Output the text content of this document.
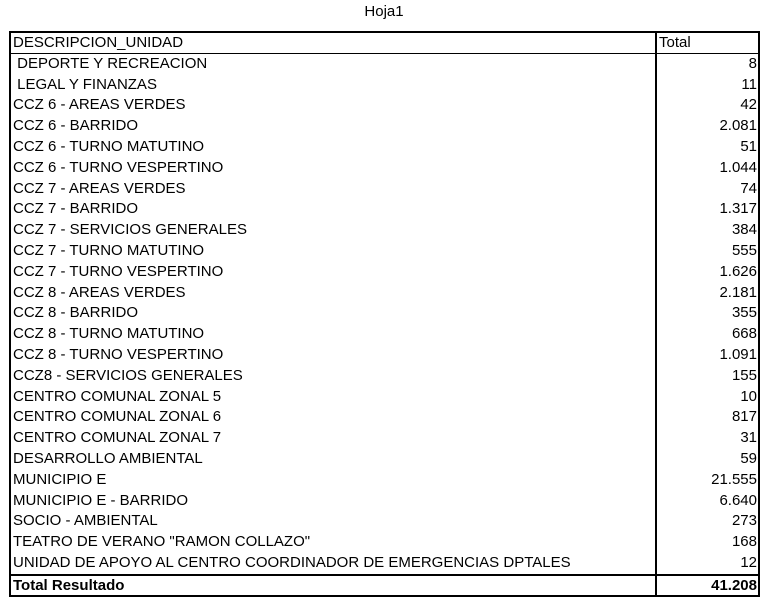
Hoja1
DESCRIPCION_UNIDAD	Total
DEPORTE Y RECREACION	8
LEGAL Y FINANZAS	11
CCZ 6 - AREAS VERDES	42
CCZ 6 - BARRIDO	2.081
CCZ 6 - TURNO MATUTINO	51
CCZ 6 - TURNO VESPERTINO	1.044
CCZ 7 - AREAS VERDES	74
CCZ 7 - BARRIDO	1.317
CCZ 7 - SERVICIOS GENERALES	384
CCZ 7 - TURNO MATUTINO	555
CCZ 7 - TURNO VESPERTINO	1.626
CCZ 8 - AREAS VERDES	2.181
CCZ 8 - BARRIDO	355
CCZ 8 - TURNO MATUTINO	668
CCZ 8 - TURNO VESPERTINO	1.091
CCZ8 - SERVICIOS GENERALES	155
CENTRO COMUNAL ZONAL 5	10
CENTRO COMUNAL ZONAL 6	817
CENTRO COMUNAL ZONAL 7	31
DESARROLLO AMBIENTAL	59
MUNICIPIO E	21.555
MUNICIPIO E - BARRIDO	6.640
SOCIO - AMBIENTAL	273
TEATRO DE VERANO "RAMON COLLAZO"	168
UNIDAD DE APOYO AL CENTRO COORDINADOR DE EMERGENCIAS DPTALES	12
Total Resultado	41.208
